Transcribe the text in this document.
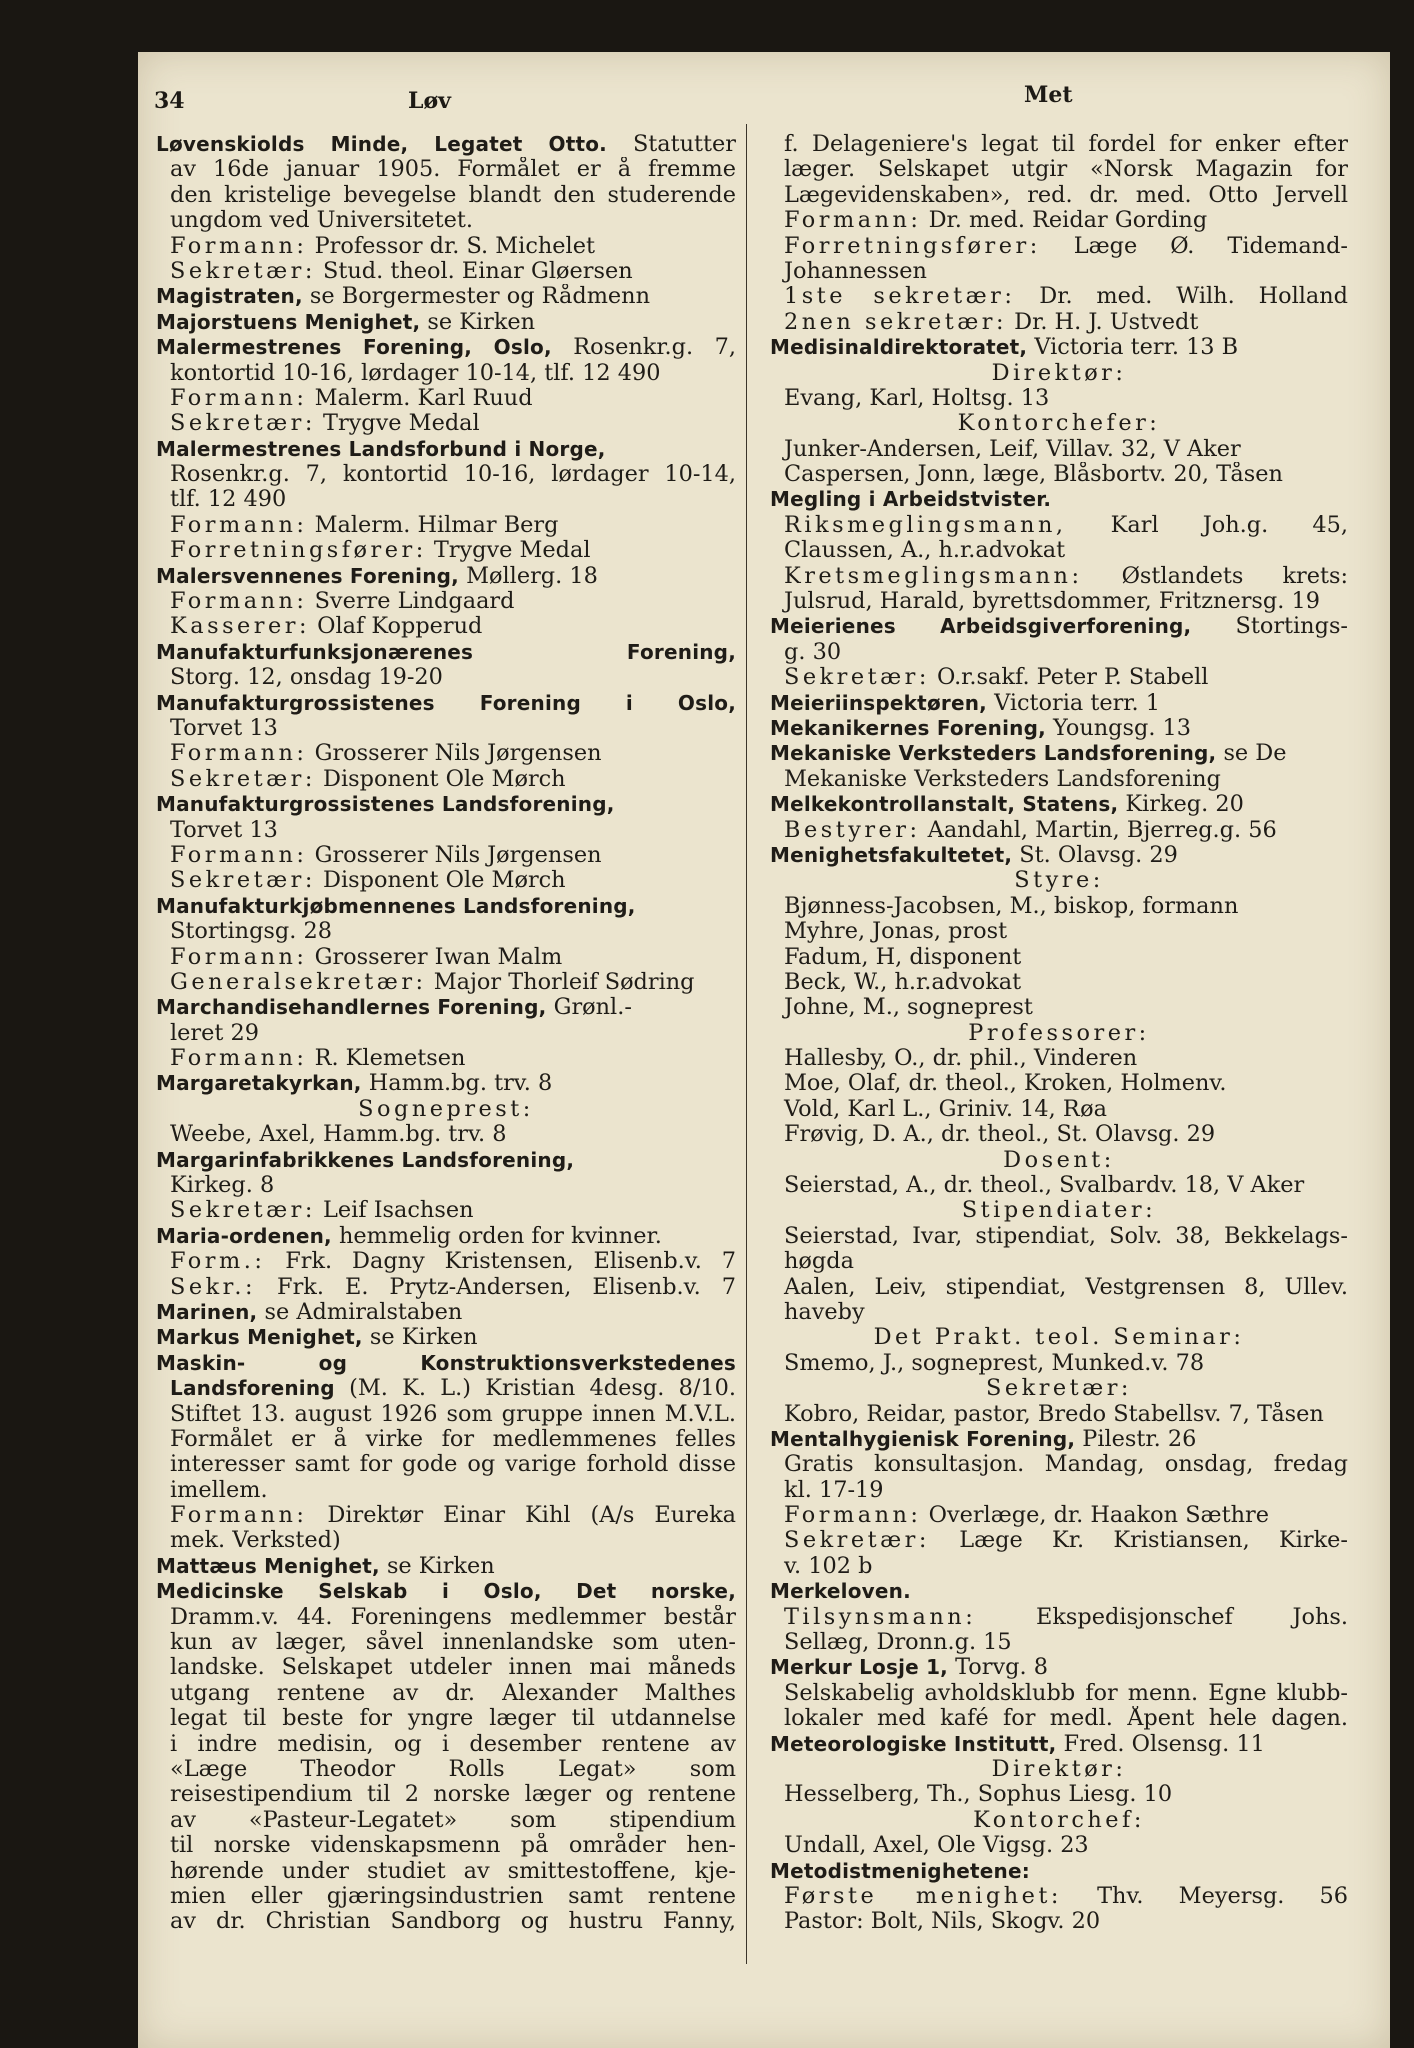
34	Løv	Met
Løvenskiolds Minde, Legatet Otto. Statutter
av 16de januar 1905. Formålet er å fremme
den kristelige bevegelse blandt den studerende
ungdom ved Universitetet.
Formann: Professor dr. S. Michelet
Sekretær: Stud. theol. Einar Gløersen
Magistraten, se Borgermester og Rådmenn
Majorstuens Menighet, se Kirken
Malermestrenes Forening, Oslo, Rosenkr.g. 7,
kontortid 10-16, lørdager 10-14, tlf. 12 490
Formann: Malerm. Karl Ruud
Sekretær: Trygve Medal
Malermestrenes Landsforbund i Norge,
Rosenkr.g. 7, kontortid 10-16, lørdager 10-14,
tlf. 12 490
Formann: Malerm. Hilmar Berg
Forretningsfører: Trygve Medal
Malersvennenes Forening, Møllerg. 18
Formann: Sverre Lindgaard
Kasserer: Olaf Kopperud
Manufakturfunksjonærenes Forening,
Storg. 12, onsdag 19-20
Manufakturgrossistenes Forening i Oslo,
Torvet 13
Formann: Grosserer Nils Jørgensen
Sekretær: Disponent Ole Mørch
Manufakturgrossistenes Landsforening,
Torvet 13
Formann: Grosserer Nils Jørgensen
Sekretær: Disponent Ole Mørch
Manufakturkjøbmennenes Landsforening,
Stortingsg. 28
Formann: Grosserer Iwan Malm
Generalsekretær: Major Thorleif Sødring
Marchandisehandlernes Forening, Grønl.-
leret 29
Formann: R. Klemetsen
Margaretakyrkan, Hamm.bg. trv. 8
Sogneprest:
Weebe, Axel, Hamm.bg. trv. 8
Margarinfabrikkenes Landsforening,
Kirkeg. 8
Sekretær: Leif Isachsen
Maria-ordenen, hemmelig orden for kvinner.
Form.: Frk. Dagny Kristensen, Elisenb.v. 7
Sekr.: Frk. E. Prytz-Andersen, Elisenb.v. 7
Marinen, se Admiralstaben
Markus Menighet, se Kirken
Maskin- og Konstruktionsverkstedenes
Landsforening (M. K. L.) Kristian 4desg. 8/10.
Stiftet 13. august 1926 som gruppe innen M.V.L.
Formålet er å virke for medlemmenes felles
interesser samt for gode og varige forhold disse
imellem.
Formann: Direktør Einar Kihl (A/s Eureka
mek. Verksted)
Mattæus Menighet, se Kirken
Medicinske Selskab i Oslo, Det norske,
Dramm.v. 44. Foreningens medlemmer består
kun av læger, såvel innenlandske som uten-
landske. Selskapet utdeler innen mai måneds
utgang rentene av dr. Alexander Malthes
legat til beste for yngre læger til utdannelse
i indre medisin, og i desember rentene av
«Læge Theodor Rolls Legat» som
reisestipendium til 2 norske læger og rentene
av «Pasteur-Legatet» som stipendium
til norske videnskapsmenn på områder hen-
hørende under studiet av smittestoffene, kje-
mien eller gjæringsindustrien samt rentene
av dr. Christian Sandborg og hustru Fanny,
f. Delageniere's legat til fordel for enker efter
læger. Selskapet utgir «Norsk Magazin for
Lægevidenskaben», red. dr. med. Otto Jervell
Formann: Dr. med. Reidar Gording
Forretningsfører: Læge Ø. Tidemand-
Johannessen
1ste sekretær: Dr. med. Wilh. Holland
2nen sekretær: Dr. H. J. Ustvedt
Medisinaldirektoratet, Victoria terr. 13 B
Direktør:
Evang, Karl, Holtsg. 13
Kontorchefer:
Junker-Andersen, Leif, Villav. 32, V Aker
Caspersen, Jonn, læge, Blåsbortv. 20, Tåsen
Megling i Arbeidstvister.
Riksmeglingsmann, Karl Joh.g. 45,
Claussen, A., h.r.advokat
Kretsmeglingsmann: Østlandets krets:
Julsrud, Harald, byrettsdommer, Fritznersg. 19
Meierienes Arbeidsgiverforening, Stortings-
g. 30
Sekretær: O.r.sakf. Peter P. Stabell
Meieriinspektøren, Victoria terr. 1
Mekanikernes Forening, Youngsg. 13
Mekaniske Verksteders Landsforening, se De
Mekaniske Verksteders Landsforening
Melkekontrollanstalt, Statens, Kirkeg. 20
Bestyrer: Aandahl, Martin, Bjerreg.g. 56
Menighetsfakultetet, St. Olavsg. 29
Styre:
Bjønness-Jacobsen, M., biskop, formann
Myhre, Jonas, prost
Fadum, H, disponent
Beck, W., h.r.advokat
Johne, M., sogneprest
Professorer:
Hallesby, O., dr. phil., Vinderen
Moe, Olaf, dr. theol., Kroken, Holmenv.
Vold, Karl L., Griniv. 14, Røa
Frøvig, D. A., dr. theol., St. Olavsg. 29
Dosent:
Seierstad, A., dr. theol., Svalbardv. 18, V Aker
Stipendiater:
Seierstad, Ivar, stipendiat, Solv. 38, Bekkelags-
høgda
Aalen, Leiv, stipendiat, Vestgrensen 8, Ullev.
haveby
Det Prakt. teol. Seminar:
Smemo, J., sogneprest, Munked.v. 78
Sekretær:
Kobro, Reidar, pastor, Bredo Stabellsv. 7, Tåsen
Mentalhygienisk Forening, Pilestr. 26
Gratis konsultasjon. Mandag, onsdag, fredag
kl. 17-19
Formann: Overlæge, dr. Haakon Sæthre
Sekretær: Læge Kr. Kristiansen, Kirke-
v. 102 b
Merkeloven.
Tilsynsmann: Ekspedisjonschef Johs.
Sellæg, Dronn.g. 15
Merkur Losje 1, Torvg. 8
Selskabelig avholdsklubb for menn. Egne klubb-
lokaler med kafé for medl. Åpent hele dagen.
Meteorologiske Institutt, Fred. Olsensg. 11
Direktør:
Hesselberg, Th., Sophus Liesg. 10
Kontorchef:
Undall, Axel, Ole Vigsg. 23
Metodistmenighetene:
Første menighet: Thv. Meyersg. 56
Pastor: Bolt, Nils, Skogv. 20
